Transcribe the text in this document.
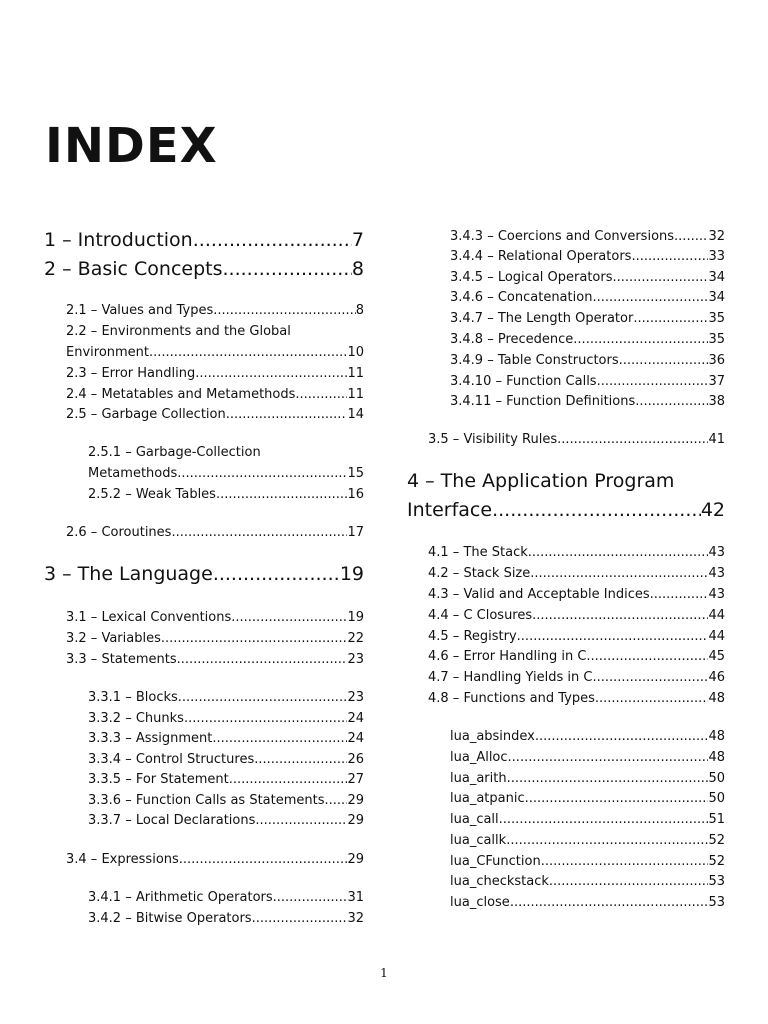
INDEX
1 – Introduction .....	7
2 – Basic Concepts .....	8
2.1 – Values and Types .....	8
2.2 – Environments and the Global
Environment .....	10
2.3 – Error Handling .....	11
2.4 – Metatables and Metamethods .....	11
2.5 – Garbage Collection .....	14
2.5.1 – Garbage-Collection
Metamethods .....	15
2.5.2 – Weak Tables .....	16
2.6 – Coroutines .....	17
3 – The Language .....	19
3.1 – Lexical Conventions .....	19
3.2 – Variables .....	22
3.3 – Statements .....	23
3.3.1 – Blocks .....	23
3.3.2 – Chunks .....	24
3.3.3 – Assignment .....	24
3.3.4 – Control Structures .....	26
3.3.5 – For Statement .....	27
3.3.6 – Function Calls as Statements ..... 29
3.3.7 – Local Declarations .....	29
3.4 – Expressions .....	29
3.4.1 – Arithmetic Operators .....	31
3.4.2 – Bitwise Operators .....	32
3.4.3 – Coercions and Conversions .....	32
3.4.4 – Relational Operators .....	33
3.4.5 – Logical Operators .....	34
3.4.6 – Concatenation .....	34
3.4.7 – The Length Operator .....	35
3.4.8 – Precedence .....	35
3.4.9 – Table Constructors .....	36
3.4.10 – Function Calls .....	37
3.4.11 – Function Definitions .....	38
3.5 – Visibility Rules .....	41
4 – The Application Program
Interface .....	42
4.1 – The Stack .....	43
4.2 – Stack Size .....	43
4.3 – Valid and Acceptable Indices .....	43
4.4 – C Closures .....	44
4.5 – Registry .....	44
4.6 – Error Handling in C .....	45
4.7 – Handling Yields in C .....	46
4.8 – Functions and Types .....	48
lua_absindex .....	48
lua_Alloc .....	48
lua_arith .....	50
lua_atpanic .....	50
lua_call .....	51
lua_callk .....	52
lua_CFunction .....	52
lua_checkstack .....	53
lua_close .....	53
1
